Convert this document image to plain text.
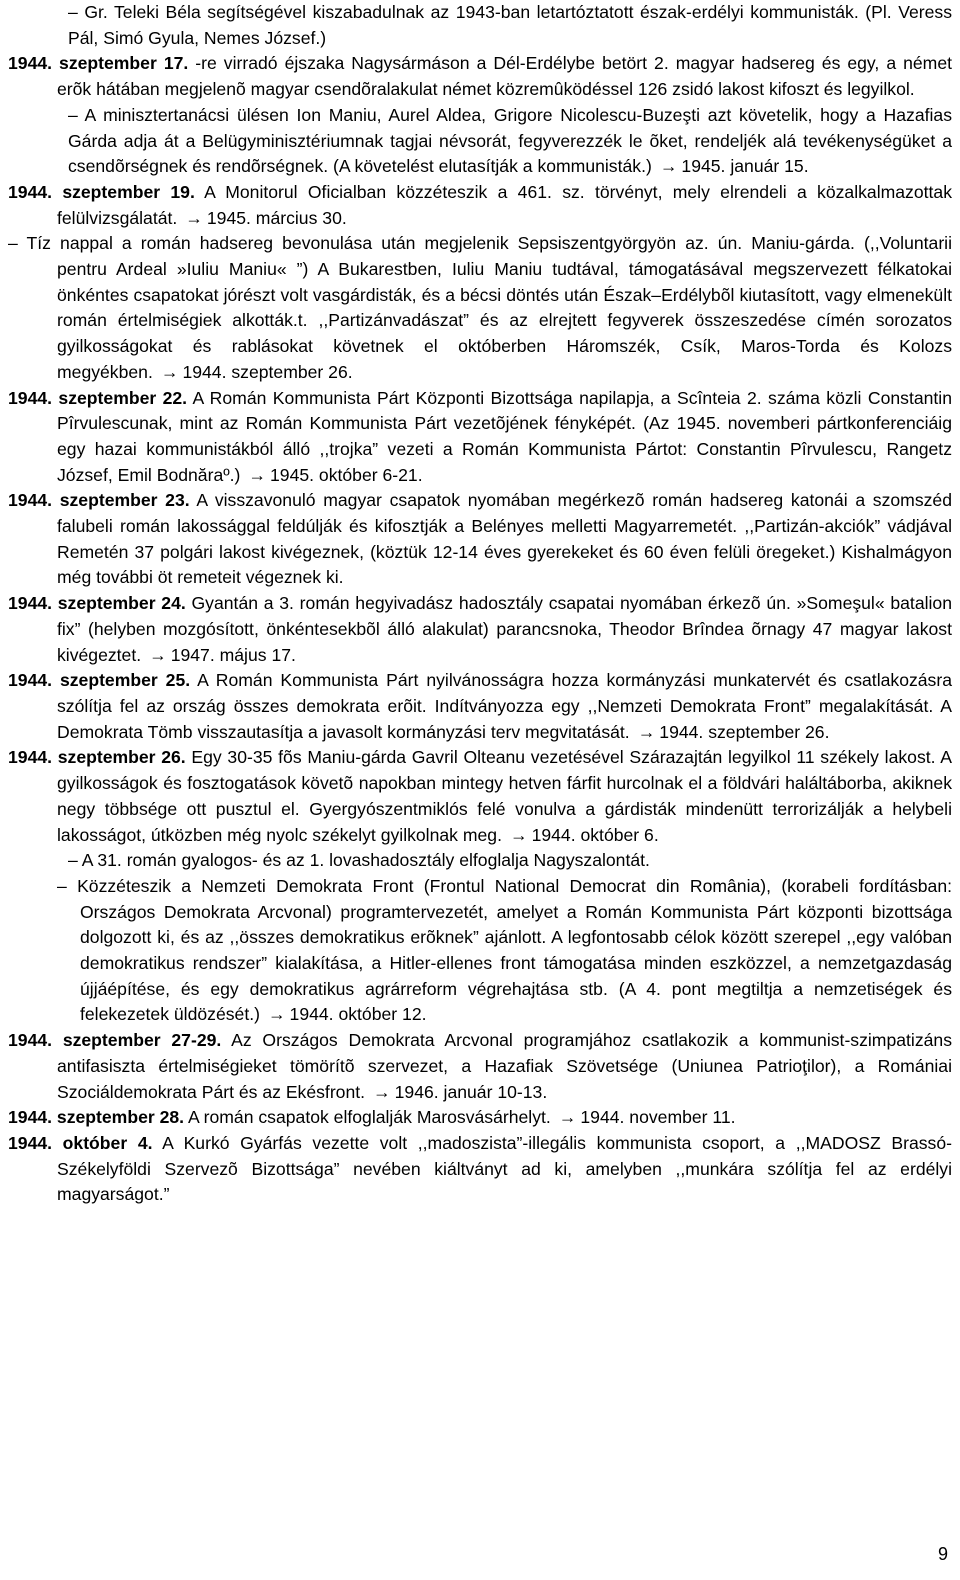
– Gr. Teleki Béla segítségével kiszabadulnak az 1943-ban letartóztatott észak-erdélyi kommunisták. (Pl. Veress Pál, Simó Gyula, Nemes József.)

1944. szeptember 17. -re virradó éjszaka Nagysármáson a Dél-Erdélybe betört 2. magyar hadsereg és egy, a német erõk hátában megjelenõ magyar csendõralakulat német közremûködéssel 126 zsidó lakost kifoszt és legyilkol.

– A minisztertanácsi ülésen Ion Maniu, Aurel Aldea, Grigore Nicolescu-Buzeşti azt követelik, hogy a Hazafias Gárda adja át a Belügyminisztériumnak tagjai névsorát, fegyverezzék le õket, rendeljék alá tevékenységüket a csendõrségnek és rendõrségnek. (A követelést elutasítják a kommunisták.) → 1945. január 15.

1944. szeptember 19. A Monitorul Oficialban közzéteszik a 461. sz. törvényt, mely elrendeli a közalkalmazottak felülvizsgálatát. → 1945. március 30.

– Tíz nappal a román hadsereg bevonulása után megjelenik Sepsiszentgyörgyön az. ún. Maniu-gárda. (,,Voluntarii pentru Ardeal »Iuliu Maniu« ”) A Bukarestben, Iuliu Maniu tudtával, támogatásával megszervezett félkatokai önkéntes csapatokat jórészt volt vasgárdisták, és a bécsi döntés után Észak–Erdélybõl kiutasított, vagy elmenekült román értelmiségiek alkották.t. ,,Partizánvadászat” és az elrejtett fegyverek összeszedése címén sorozatos gyilkosságokat és rablásokat követnek el októberben Háromszék, Csík, Maros-Torda és Kolozs megyékben. → 1944. szeptember 26.

1944. szeptember 22. A Román Kommunista Párt Központi Bizottsága napilapja, a Scînteia 2. száma közli Constantin Pîrvulescunak, mint az Román Kommunista Párt vezetõjének fényképét. (Az 1945. novemberi pártkonferenciáig egy hazai kommunistákból álló ,,trojka” vezeti a Román Kommunista Pártot: Constantin Pîrvulescu, Rangetz József, Emil Bodnăraº.) → 1945. október 6-21.

1944. szeptember 23. A visszavonuló magyar csapatok nyomában megérkezõ román hadsereg katonái a szomszéd falubeli román lakossággal feldúlják és kifosztják a Belényes melletti Magyarremetét. ,,Partizán-akciók” vádjával Remetén 37 polgári lakost kivégeznek, (köztük 12-14 éves gyerekeket és 60 éven felüli öregeket.) Kishalmágyon még további öt remeteit végeznek ki.

1944. szeptember 24. Gyantán a 3. román hegyivadász hadosztály csapatai nyomában érkezõ ún. »Someşul« batalion fix” (helyben mozgósított, önkéntesekbõl álló alakulat) parancsnoka, Theodor Brîndea õrnagy 47 magyar lakost kivégeztet. → 1947. május 17.

1944. szeptember 25. A Román Kommunista Párt nyilvánosságra hozza kormányzási munkatervét és csatlakozásra szólítja fel az ország összes demokrata erõit. Indítványozza egy ,,Nemzeti Demokrata Front” megalakítását. A Demokrata Tömb visszautasítja a javasolt kormányzási terv megvitatását. → 1944. szeptember 26.

1944. szeptember 26. Egy 30-35 fõs Maniu-gárda Gavril Olteanu vezetésével Szárazajtán legyilkol 11 székely lakost. A gyilkosságok és fosztogatások követõ napokban mintegy hetven fárfit hurcolnak el a földvári haláltáborba, akiknek negy többsége ott pusztul el. Gyergyószentmiklós felé vonulva a gárdisták mindenütt terrorizálják a helybeli lakosságot, útközben még nyolc székelyt gyilkolnak meg. → 1944. október 6.

– A 31. román gyalogos- és az 1. lovashadosztály elfoglalja Nagyszalontát.

– Közzéteszik a Nemzeti Demokrata Front (Frontul National Democrat din România), (korabeli fordításban: Országos Demokrata Arcvonal) programtervezetét, amelyet a Román Kommunista Párt központi bizottsága dolgozott ki, és az ,,összes demokratikus erõknek” ajánlott. A legfontosabb célok között szerepel ,,egy valóban demokratikus rendszer” kialakítása, a Hitler-ellenes front támogatása minden eszközzel, a nemzetgazdaság újjáépítése, és egy demokratikus agrárreform végrehajtása stb. (A 4. pont megtiltja a nemzetiségek és felekezetek üldözését.) → 1944. október 12.

1944. szeptember 27-29. Az Országos Demokrata Arcvonal programjához csatlakozik a kommunist-szimpatizáns antifasiszta értelmiségieket tömörítõ szervezet, a Hazafiak Szövetsége (Uniunea Patrioţilor), a Romániai Szociáldemokrata Párt és az Ekésfront. → 1946. január 10-13.

1944. szeptember 28. A román csapatok elfoglalják Marosvásárhelyt. → 1944. november 11.

1944. október 4. A Kurkó Gyárfás vezette volt ,,madoszista”-illegális kommunista csoport, a ,,MADOSZ Brassó-Székelyföldi Szervezõ Bizottsága” nevében kiáltványt ad ki, amelyben ,,munkára szólítja fel az erdélyi magyarságot.”

9
